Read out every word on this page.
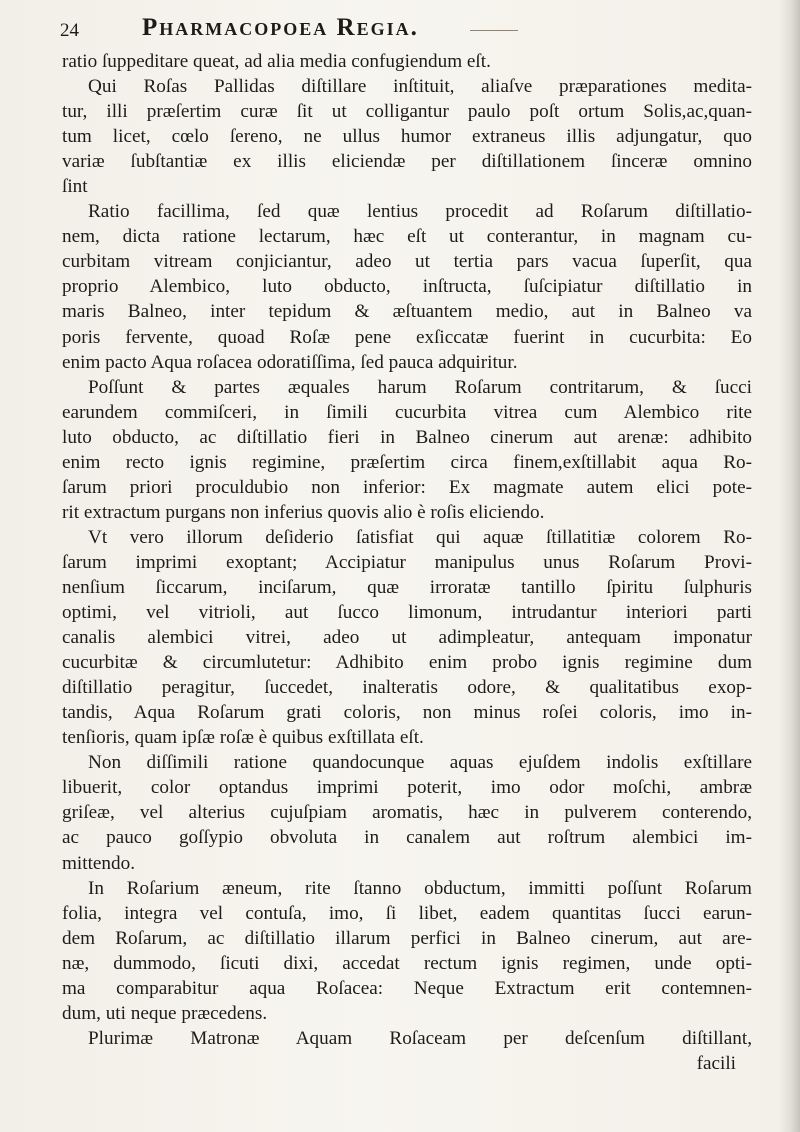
24	Pharmacopoea Regia.
ratio ſuppeditare queat, ad alia media confugiendum eſt.
Qui Roſas Pallidas diſtillare inſtituit, aliaſve præparationes medita-
tur, illi præſertim curæ ſit ut colligantur paulo poſt ortum Solis,ac,quan-
tum licet, cœlo ſereno, ne ullus humor extraneus illis adjungatur, quo
variæ ſubſtantiæ ex illis eliciendæ per diſtillationem ſinceræ omnino
ſint
Ratio facillima, ſed quæ lentius procedit ad Roſarum diſtillatio-
nem, dicta ratione lectarum, hæc eſt ut conterantur, in magnam cu-
curbitam vitream conjiciantur, adeo ut tertia pars vacua ſuperſit, qua
proprio Alembico, luto obducto, inſtructa, ſuſcipiatur diſtillatio in
maris Balneo, inter tepidum & æſtuantem medio, aut in Balneo va
poris fervente, quoad Roſæ pene exſiccatæ fuerint in cucurbita: Eo
enim pacto Aqua roſacea odoratiſſima, ſed pauca adquiritur.
Poſſunt & partes æquales harum Roſarum contritarum, & ſucci
earundem commiſceri, in ſimili cucurbita vitrea cum Alembico rite
luto obducto, ac diſtillatio fieri in Balneo cinerum aut arenæ: adhibito
enim recto ignis regimine, præſertim circa finem,exſtillabit aqua Ro-
ſarum priori proculdubio non inferior: Ex magmate autem elici pote-
rit extractum purgans non inferius quovis alio è roſis eliciendo.
Vt vero illorum deſiderio ſatisfiat qui aquæ ſtillatitiæ colorem Ro-
ſarum imprimi exoptant; Accipiatur manipulus unus Roſarum Provi-
nenſium ſiccarum, inciſarum, quæ irroratæ tantillo ſpiritu ſulphuris
optimi, vel vitrioli, aut ſucco limonum, intrudantur interiori parti
canalis alembici vitrei, adeo ut adimpleatur, antequam imponatur
cucurbitæ & circumlutetur: Adhibito enim probo ignis regimine dum
diſtillatio peragitur, ſuccedet, inalteratis odore, & qualitatibus exop-
tandis, Aqua Roſarum grati coloris, non minus roſei coloris, imo in-
tenſioris, quam ipſæ roſæ è quibus exſtillata eſt.
Non diſſimili ratione quandocunque aquas ejuſdem indolis exſtillare
libuerit, color optandus imprimi poterit, imo odor moſchi, ambræ
griſeæ, vel alterius cujuſpiam aromatis, hæc in pulverem conterendo,
ac pauco goſſypio obvoluta in canalem aut roſtrum alembici im-
mittendo.
In Roſarium æneum, rite ſtanno obductum, immitti poſſunt Roſarum
folia, integra vel contuſa, imo, ſi libet, eadem quantitas ſucci earun-
dem Roſarum, ac diſtillatio illarum perfici in Balneo cinerum, aut are-
næ, dummodo, ſicuti dixi, accedat rectum ignis regimen, unde opti-
ma comparabitur aqua Roſacea: Neque Extractum erit contemnen-
dum, uti neque præcedens.
Plurimæ Matronæ Aquam Roſaceam per deſcenſum diſtillant,
facili
